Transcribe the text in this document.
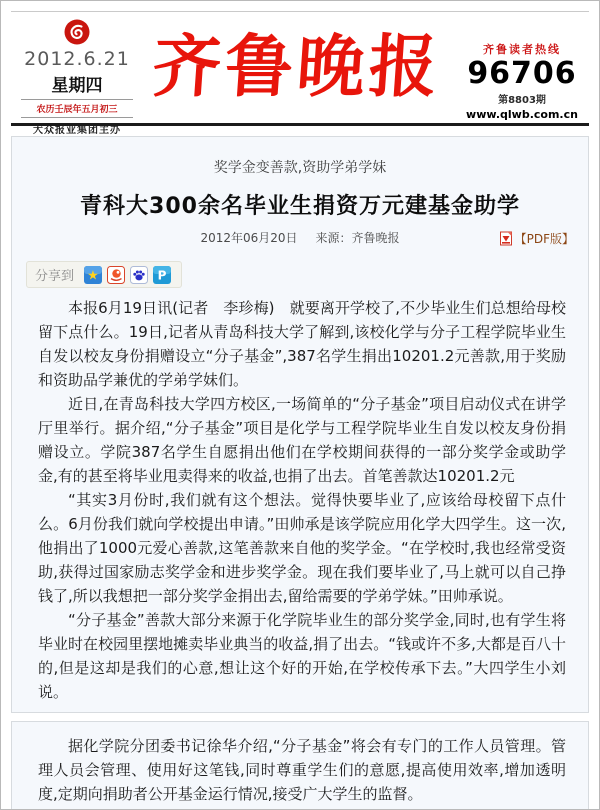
2012.6.21
星期四
农历壬辰年五月初三
大众报业集团主办
齐鲁晚报	齐鲁读者热线
96706
第8803期
www.qlwb.com.cn
奖学金变善款,资助学弟学妹
青科大300余名毕业生捐资万元建基金助学
2012年06月20日 来源：齐鲁晚报	【PDF版】
分享到 ★	P

本报6月19日讯(记者　李珍梅)　就要离开学校了,不少毕业生们总想给母校留下点什么。19日,记者从青岛科技大学了解到,该校化学与分子工程学院毕业生自发以校友身份捐赠设立“分子基金”,387名学生捐出10201.2元善款,用于奖励和资助品学兼优的学弟学妹们。

近日,在青岛科技大学四方校区,一场简单的“分子基金”项目启动仪式在讲学厅里举行。据介绍,“分子基金”项目是化学与工程学院毕业生自发以校友身份捐赠设立。学院387名学生自愿捐出他们在学校期间获得的一部分奖学金或助学金,有的甚至将毕业甩卖得来的收益,也捐了出去。首笔善款达10201.2元

“其实3月份时,我们就有这个想法。觉得快要毕业了,应该给母校留下点什么。6月份我们就向学校提出申请。”田帅承是该学院应用化学大四学生。这一次,他捐出了1000元爱心善款,这笔善款来自他的奖学金。“在学校时,我也经常受资助,获得过国家励志奖学金和进步奖学金。现在我们要毕业了,马上就可以自己挣钱了,所以我想把一部分奖学金捐出去,留给需要的学弟学妹。”田帅承说。

“分子基金”善款大部分来源于化学院毕业生的部分奖学金,同时,也有学生将毕业时在校园里摆地摊卖毕业典当的收益,捐了出去。“钱或许不多,大都是百八十的,但是这却是我们的心意,想让这个好的开始,在学校传承下去。”大四学生小刘说。

据化学院分团委书记徐华介绍,“分子基金”将会有专门的工作人员管理。管理人员会管理、使用好这笔钱,同时尊重学生们的意愿,提高使用效率,增加透明度,定期向捐助者公开基金运行情况,接受广大学生的监督。
